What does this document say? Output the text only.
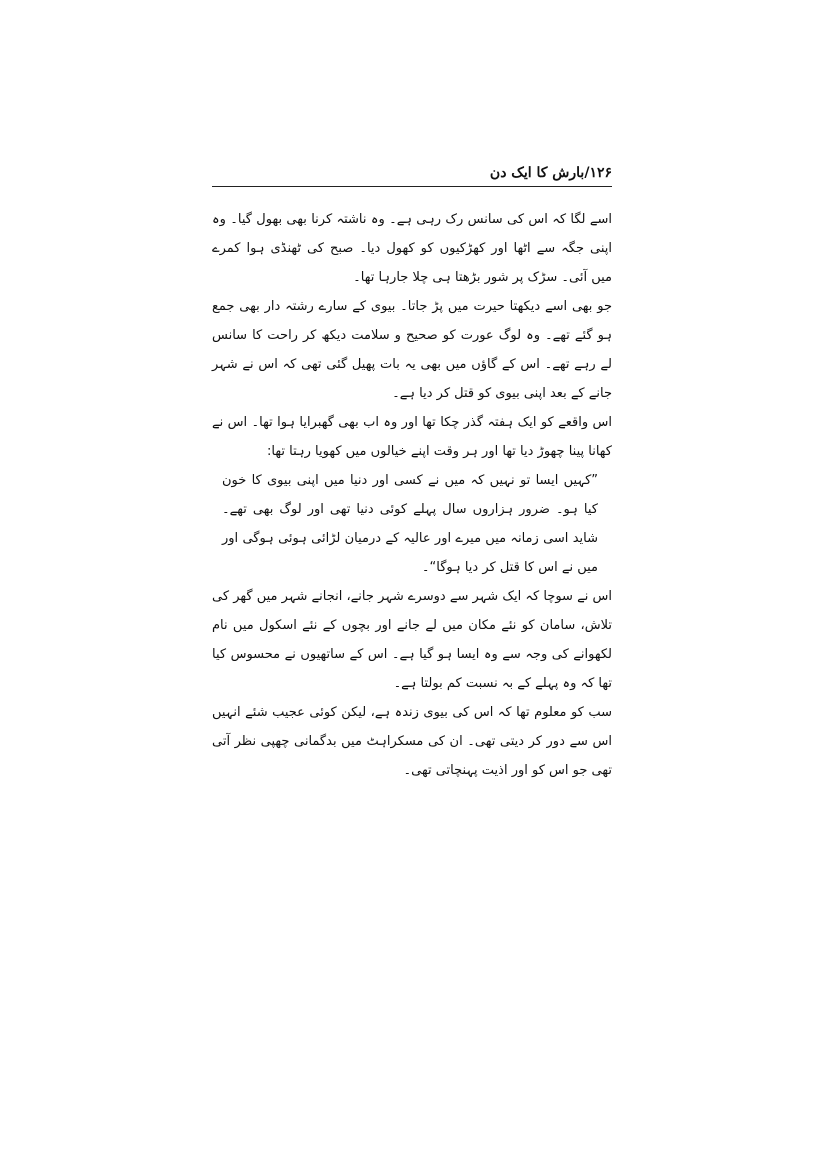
۱۲۶
/
بارش کا ایک دن

اسے لگا کہ اس کی سانس رک رہی ہے۔ وہ ناشتہ کرنا بھی بھول گیا۔ وہ اپنی جگہ سے اٹھا اور کھڑکیوں کو کھول دیا۔ صبح کی ٹھنڈی ہوا کمرے میں آئی۔ سڑک پر شور بڑھتا ہی چلا جارہا تھا۔

جو بھی اسے دیکھتا حیرت میں پڑ جاتا۔ بیوی کے سارے رشتہ دار بھی جمع ہو گئے تھے۔ وہ لوگ عورت کو صحیح و سلامت دیکھ کر راحت کا سانس لے رہے تھے۔ اس کے گاؤں میں بھی یہ بات پھیل گئی تھی کہ اس نے شہر جانے کے بعد اپنی بیوی کو قتل کر دیا ہے۔

اس واقعے کو ایک ہفتہ گذر چکا تھا اور وہ اب بھی گھبرایا ہوا تھا۔ اس نے کھانا پینا چھوڑ دیا تھا اور ہر وقت اپنے خیالوں میں کھویا رہتا تھا:

”کہیں ایسا تو نہیں کہ میں نے کسی اور دنیا میں اپنی بیوی کا خون کیا ہو۔ ضرور ہزاروں سال پہلے کوئی دنیا تھی اور لوگ بھی تھے۔ شاید اسی زمانہ میں میرے اور عالیہ کے درمیان لڑائی ہوئی ہوگی اور میں نے اس کا قتل کر دیا ہوگا“۔

اس نے سوچا کہ ایک شہر سے دوسرے شہر جانے، انجانے شہر میں گھر کی تلاش، سامان کو نئے مکان میں لے جانے اور بچوں کے نئے اسکول میں نام لکھوانے کی وجہ سے وہ ایسا ہو گیا ہے۔ اس کے ساتھیوں نے محسوس کیا تھا کہ وہ پہلے کے بہ نسبت کم بولتا ہے۔

سب کو معلوم تھا کہ اس کی بیوی زندہ ہے، لیکن کوئی عجیب شئے انہیں اس سے دور کر دیتی تھی۔ ان کی مسکراہٹ میں بدگمانی چھپی نظر آتی تھی جو اس کو اور اذیت پہنچاتی تھی۔
